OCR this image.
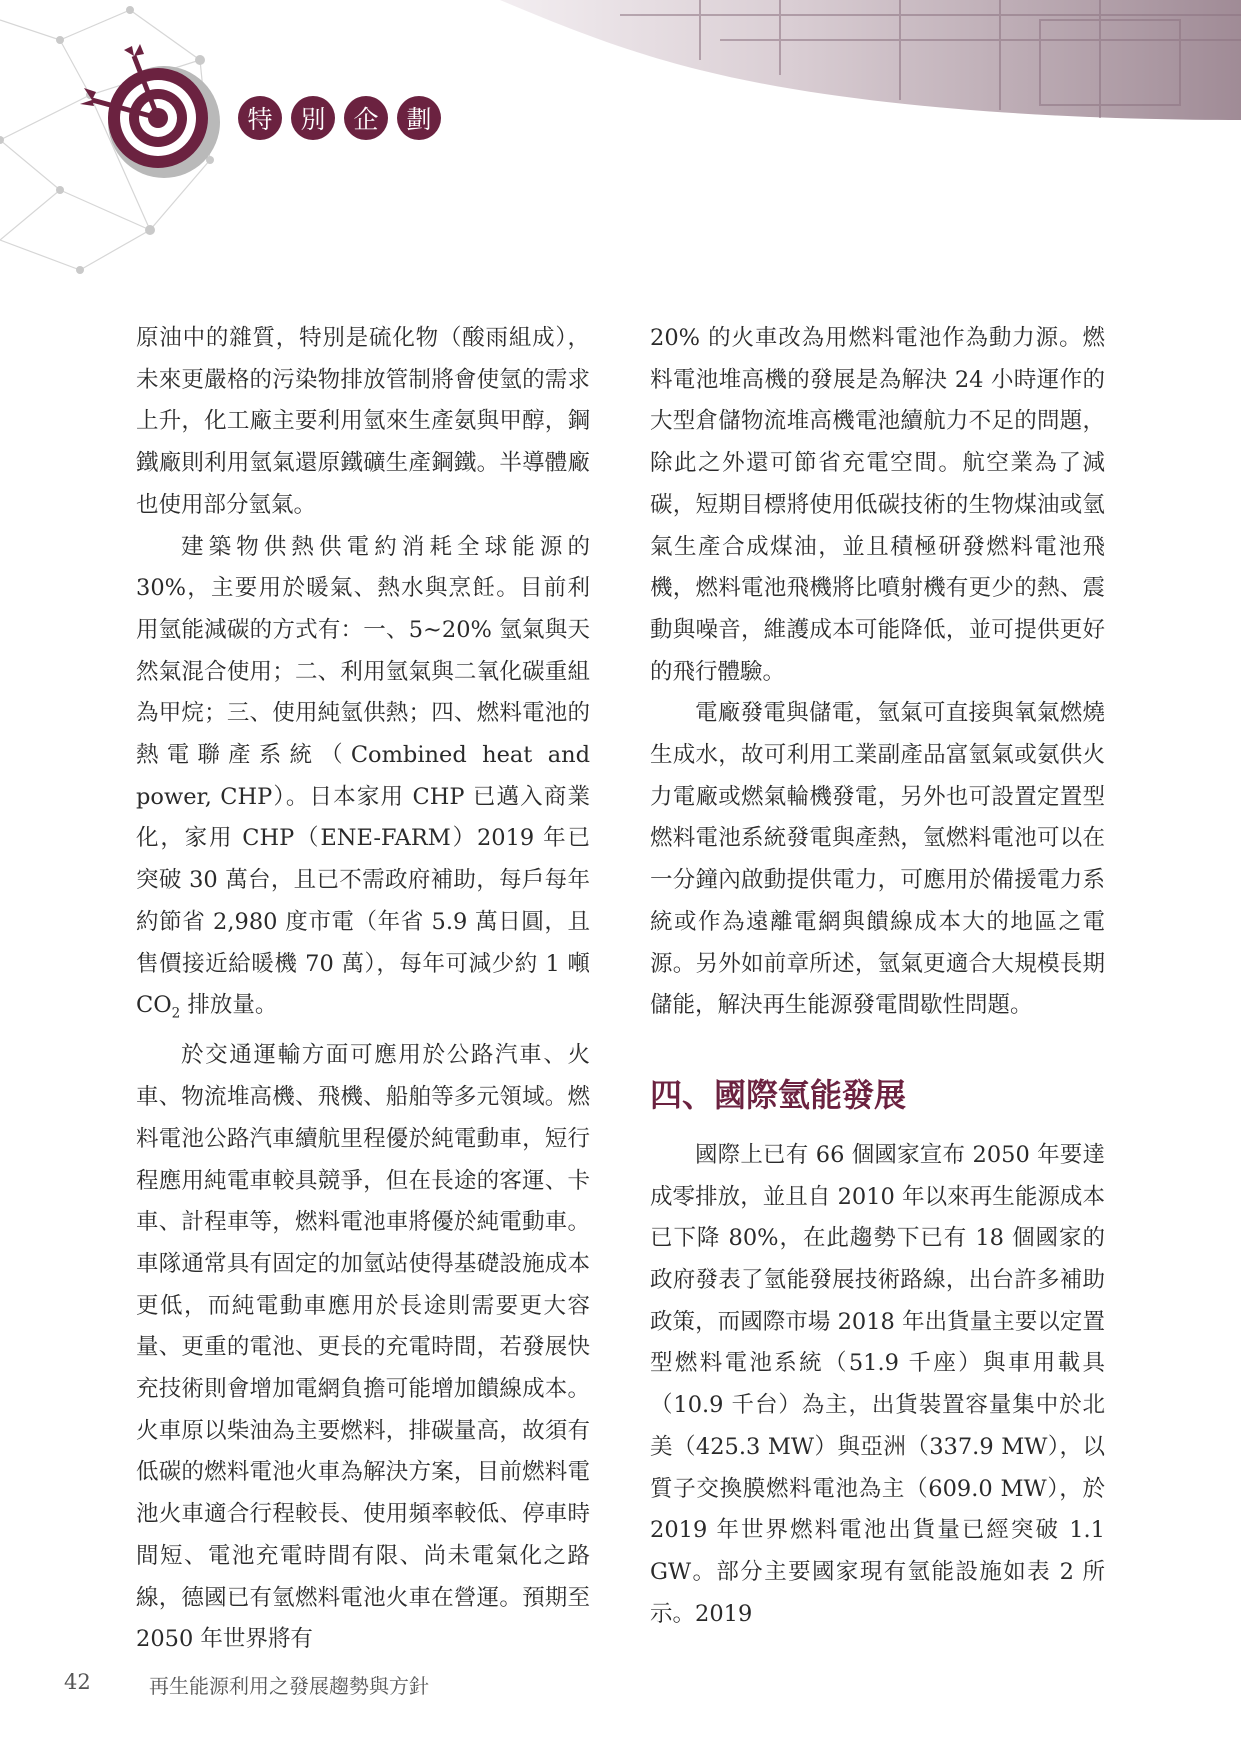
特	別	企	劃

原油中的雜質，特別是硫化物（酸雨組成），未來更嚴格的污染物排放管制將會使氫的需求上升，化工廠主要利用氫來生產氨與甲醇，鋼鐵廠則利用氫氣還原鐵礦生產鋼鐵。半導體廠也使用部分氫氣。

建築物供熱供電約消耗全球能源的30%，主要用於暖氣、熱水與烹飪。目前利用氫能減碳的方式有：一、5~20% 氫氣與天然氣混合使用；二、利用氫氣與二氧化碳重組為甲烷；三、使用純氫供熱；四、燃料電池的熱電聯產系統（Combined heat and power, CHP）。日本家用 CHP 已邁入商業化，家用 CHP（ENE-FARM）2019 年已突破 30 萬台，且已不需政府補助，每戶每年約節省 2,980 度市電（年省 5.9 萬日圓，且售價接近給暖機 70 萬），每年可減少約 1 噸 $CO_2$ 排放量。

於交通運輸方面可應用於公路汽車、火車、物流堆高機、飛機、船舶等多元領域。燃料電池公路汽車續航里程優於純電動車，短行程應用純電車較具競爭，但在長途的客運、卡車、計程車等，燃料電池車將優於純電動車。車隊通常具有固定的加氫站使得基礎設施成本更低，而純電動車應用於長途則需要更大容量、更重的電池、更長的充電時間，若發展快充技術則會增加電網負擔可能增加饋線成本。火車原以柴油為主要燃料，排碳量高，故須有低碳的燃料電池火車為解決方案，目前燃料電池火車適合行程較長、使用頻率較低、停車時間短、電池充電時間有限、尚未電氣化之路線，德國已有氫燃料電池火車在營運。預期至 2050 年世界將有

20% 的火車改為用燃料電池作為動力源。燃料電池堆高機的發展是為解決 24 小時運作的大型倉儲物流堆高機電池續航力不足的問題，除此之外還可節省充電空間。航空業為了減碳，短期目標將使用低碳技術的生物煤油或氫氣生產合成煤油，並且積極研發燃料電池飛機，燃料電池飛機將比噴射機有更少的熱、震動與噪音，維護成本可能降低，並可提供更好的飛行體驗。

電廠發電與儲電，氫氣可直接與氧氣燃燒生成水，故可利用工業副產品富氫氣或氨供火力電廠或燃氣輪機發電，另外也可設置定置型燃料電池系統發電與產熱，氫燃料電池可以在一分鐘內啟動提供電力，可應用於備援電力系統或作為遠離電網與饋線成本大的地區之電源。另外如前章所述，氫氣更適合大規模長期儲能，解決再生能源發電間歇性問題。

四、國際氫能發展

國際上已有 66 個國家宣布 2050 年要達成零排放，並且自 2010 年以來再生能源成本已下降 80%，在此趨勢下已有 18 個國家的政府發表了氫能發展技術路線，出台許多補助政策，而國際市場 2018 年出貨量主要以定置型燃料電池系統（51.9 千座）與車用載具（10.9 千台）為主，出貨裝置容量集中於北美（425.3 MW）與亞洲（337.9 MW），以質子交換膜燃料電池為主（609.0 MW），於 2019 年世界燃料電池出貨量已經突破 1.1 GW。部分主要國家現有氫能設施如表 2 所示。2019

42	再生能源利用之發展趨勢與方針
